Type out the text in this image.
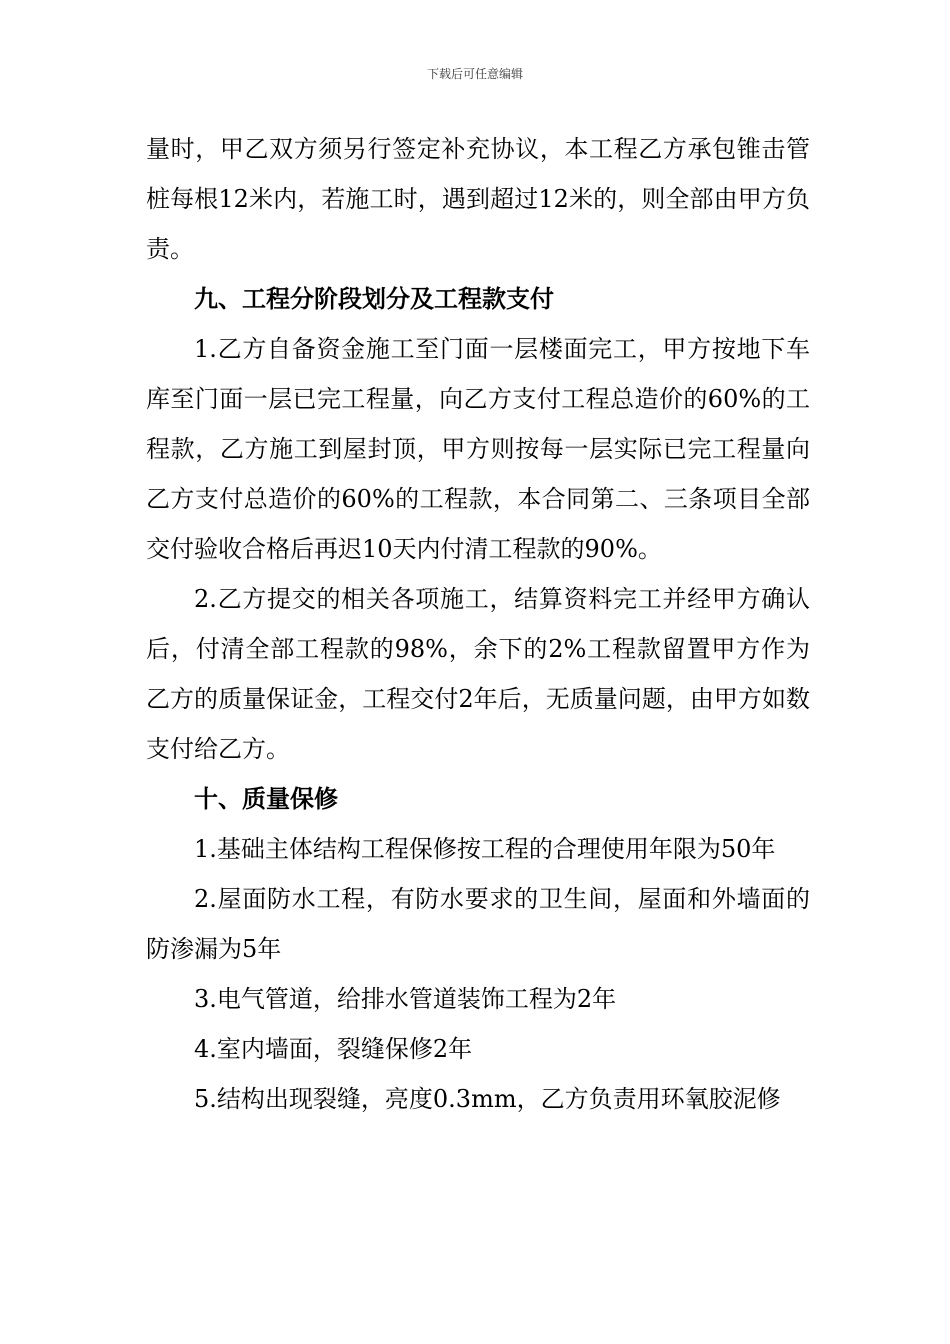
下载后可任意编辑

量时，甲乙双方须另行签定补充协议，本工程乙方承包锥击管桩每根12米内，若施工时，遇到超过12米的，则全部由甲方负责。

九、工程分阶段划分及工程款支付

1.乙方自备资金施工至门面一层楼面完工，甲方按地下车库至门面一层已完工程量，向乙方支付工程总造价的60%的工程款，乙方施工到屋封顶，甲方则按每一层实际已完工程量向乙方支付总造价的60%的工程款，本合同第二、三条项目全部交付验收合格后再迟10天内付清工程款的90%。

2.乙方提交的相关各项施工，结算资料完工并经甲方确认后，付清全部工程款的98%，余下的2%工程款留置甲方作为乙方的质量保证金，工程交付2年后，无质量问题，由甲方如数支付给乙方。

十、质量保修

1.基础主体结构工程保修按工程的合理使用年限为50年

2.屋面防水工程，有防水要求的卫生间，屋面和外墙面的防渗漏为5年

3.电气管道，给排水管道装饰工程为2年

4.室内墙面，裂缝保修2年

5.结构出现裂缝，亮度0.3mm，乙方负责用环氧胶泥修
